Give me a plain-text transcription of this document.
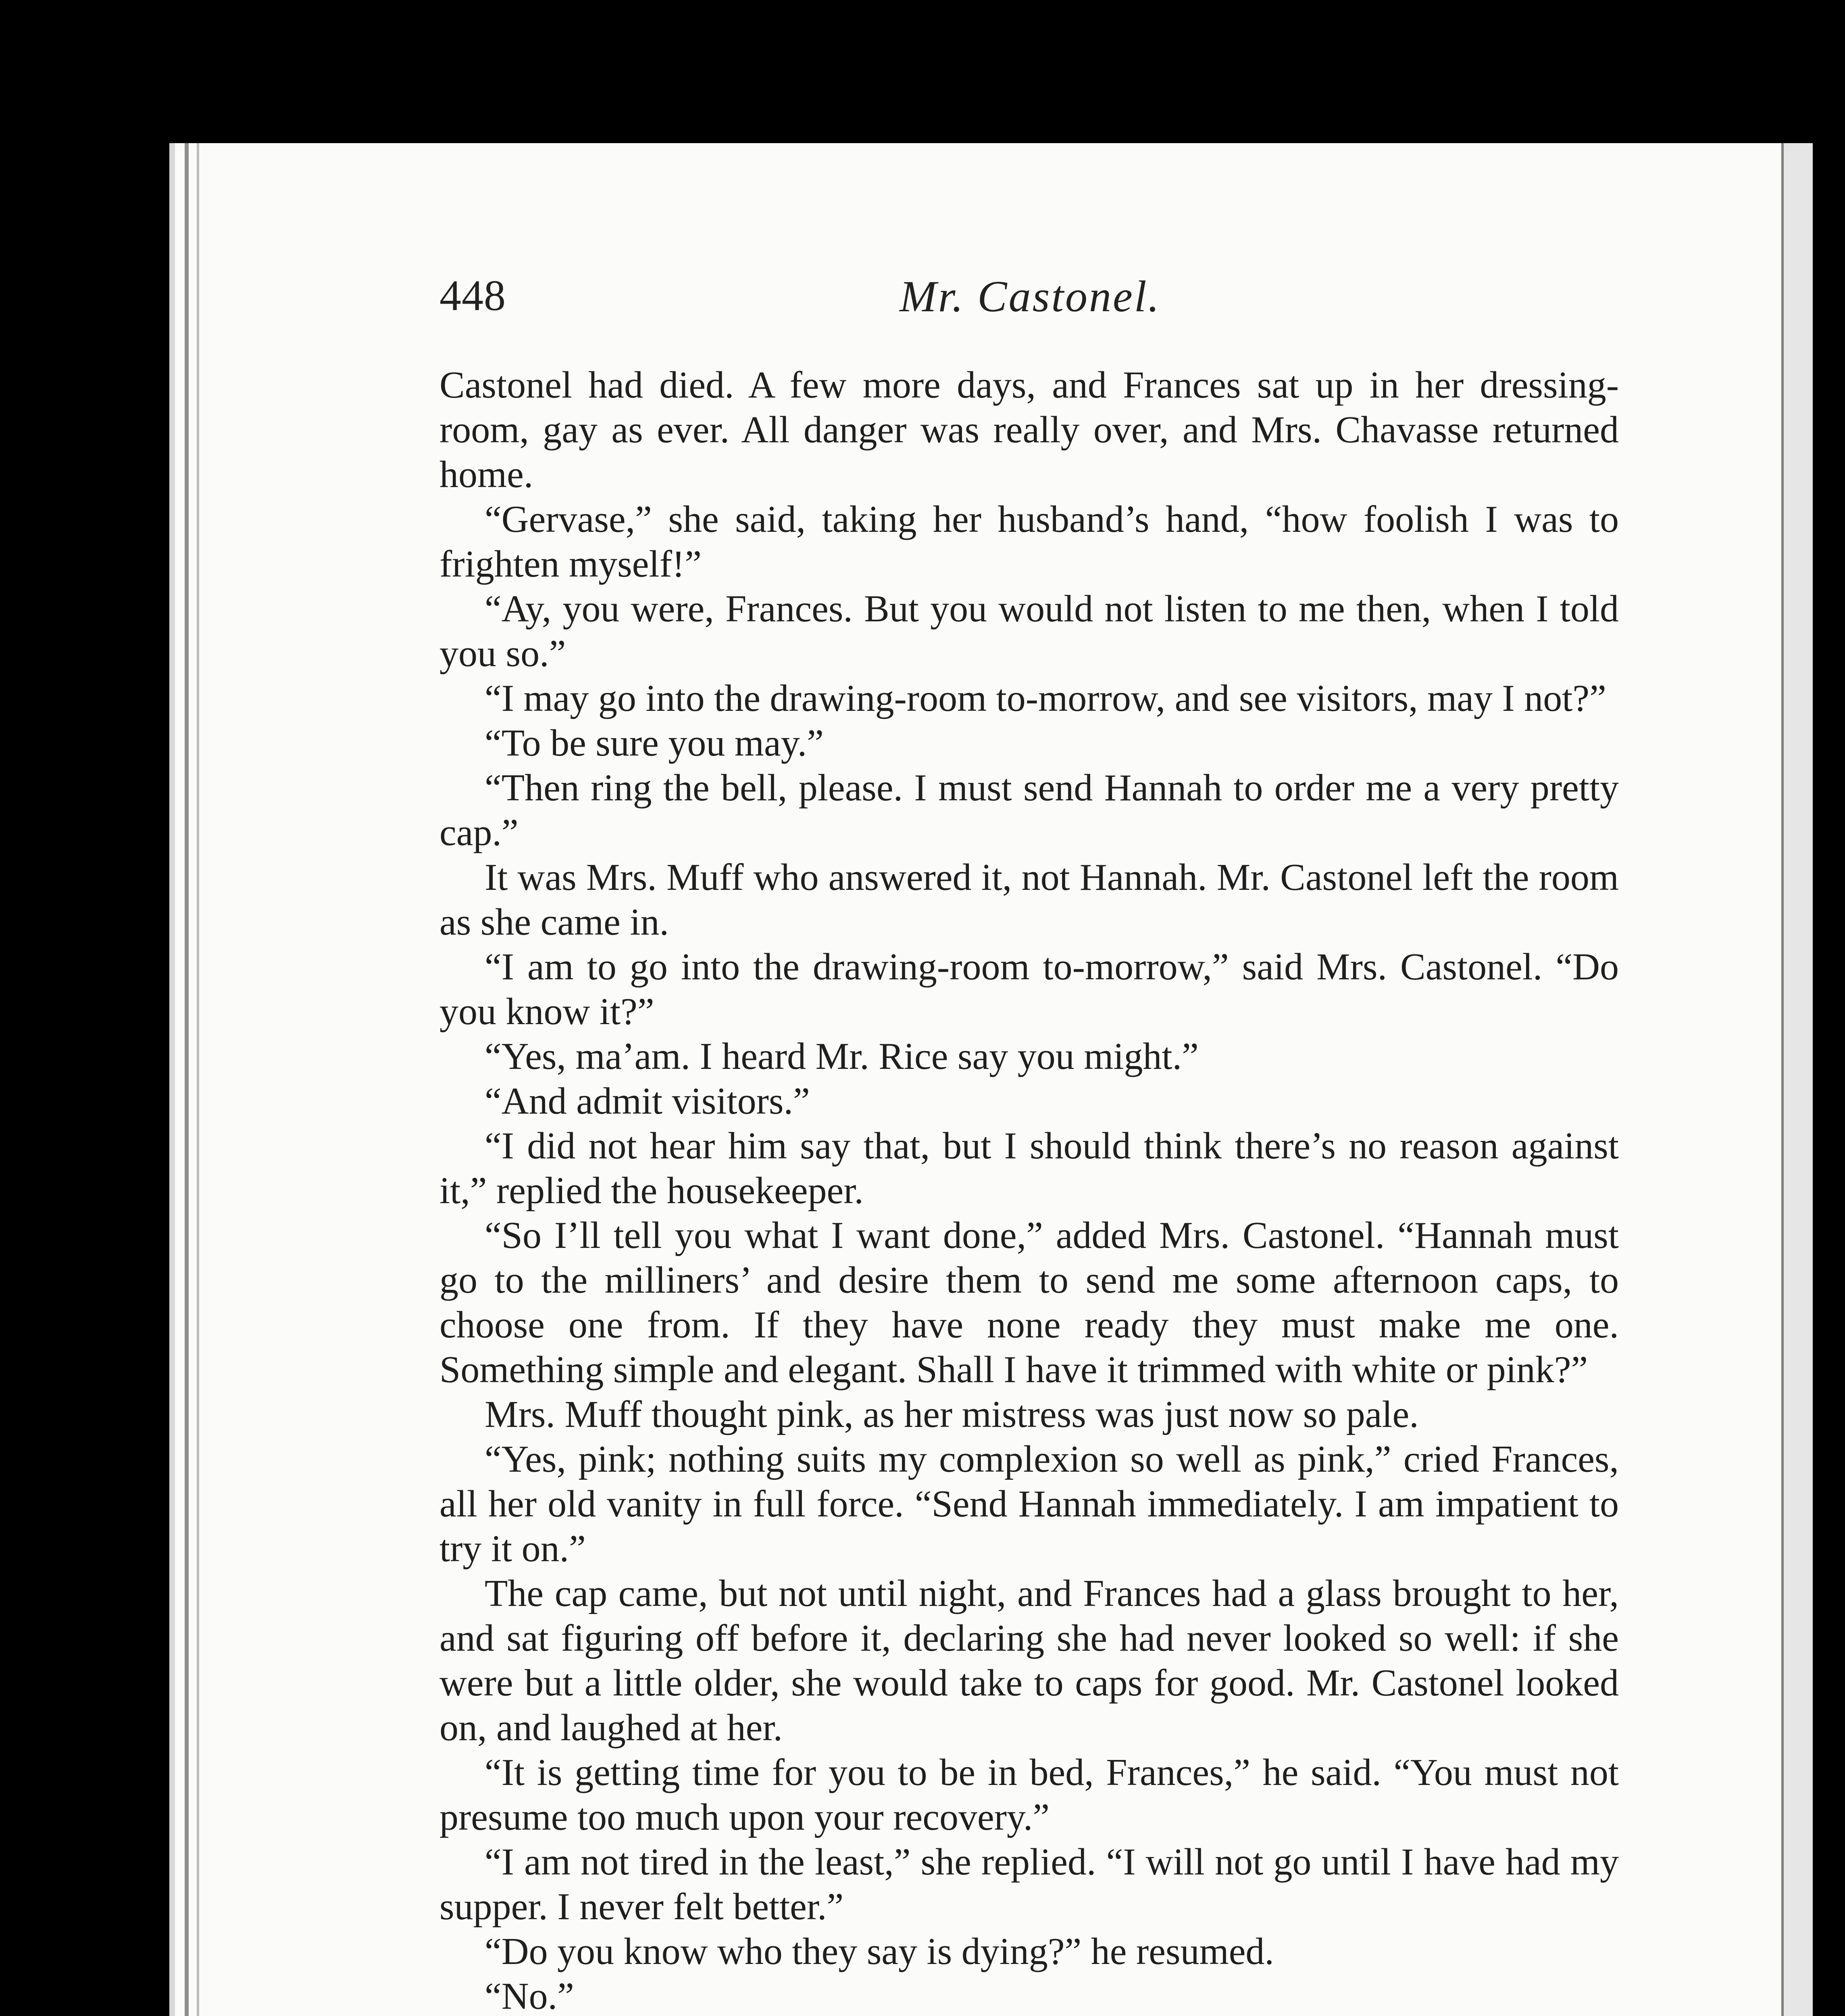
448	Mr. Castonel.

Castonel had died. A few more days, and Frances sat up in her dressing-room, gay as ever. All danger was really over, and Mrs. Chavasse returned home.

“Gervase,” she said, taking her husband’s hand, “how foolish I was to frighten myself!”

“Ay, you were, Frances. But you would not listen to me then, when I told you so.”

“I may go into the drawing-room to-morrow, and see visitors, may I not?”

“To be sure you may.”

“Then ring the bell, please. I must send Hannah to order me a very pretty cap.”

It was Mrs. Muff who answered it, not Hannah. Mr. Castonel left the room as she came in.

“I am to go into the drawing-room to-morrow,” said Mrs. Castonel. “Do you know it?”

“Yes, ma’am. I heard Mr. Rice say you might.”

“And admit visitors.”

“I did not hear him say that, but I should think there’s no reason against it,” replied the housekeeper.

“So I’ll tell you what I want done,” added Mrs. Castonel. “Hannah must go to the milliners’ and desire them to send me some afternoon caps, to choose one from. If they have none ready they must make me one. Something simple and elegant. Shall I have it trimmed with white or pink?”

Mrs. Muff thought pink, as her mistress was just now so pale.

“Yes, pink; nothing suits my complexion so well as pink,” cried Frances, all her old vanity in full force. “Send Hannah immediately. I am impatient to try it on.”

The cap came, but not until night, and Frances had a glass brought to her, and sat figuring off before it, declaring she had never looked so well: if she were but a little older, she would take to caps for good. Mr. Castonel looked on, and laughed at her.

“It is getting time for you to be in bed, Frances,” he said. “You must not presume too much upon your recovery.”

“I am not tired in the least,” she replied. “I will not go until I have had my supper. I never felt better.”

“Do you know who they say is dying?” he resumed.

“No.”
